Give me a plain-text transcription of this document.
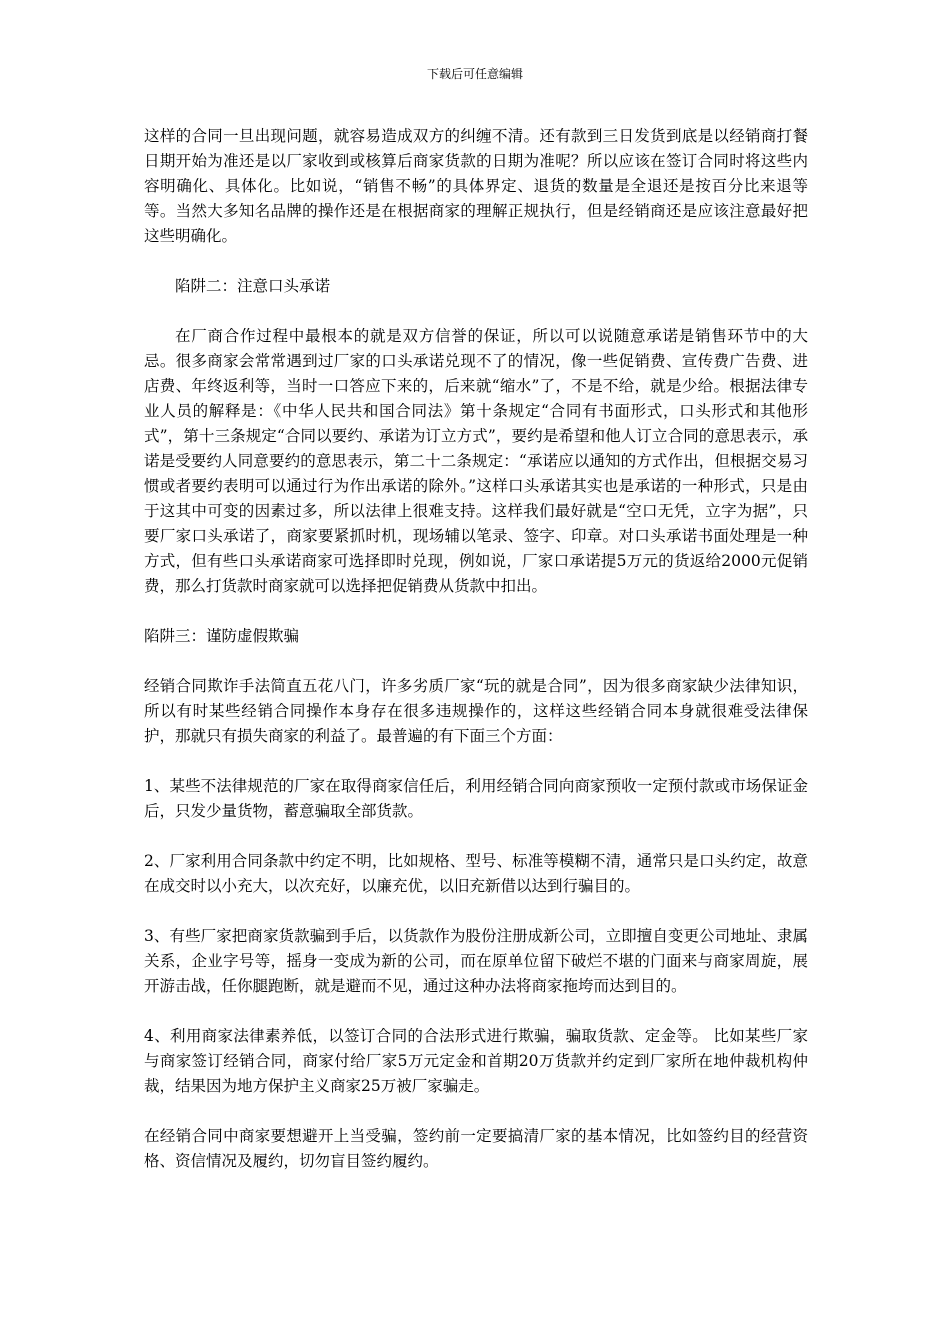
下载后可任意编辑

这样的合同一旦出现问题，就容易造成双方的纠缠不清。还有款到三日发货到底是以经销商打餐日期开始为准还是以厂家收到或核算后商家货款的日期为准呢？所以应该在签订合同时将这些内容明确化、具体化。比如说，“销售不畅”的具体界定、退货的数量是全退还是按百分比来退等等。当然大多知名品牌的操作还是在根据商家的理解正规执行，但是经销商还是应该注意最好把这些明确化。

陷阱二：注意口头承诺

在厂商合作过程中最根本的就是双方信誉的保证，所以可以说随意承诺是销售环节中的大忌。很多商家会常常遇到过厂家的口头承诺兑现不了的情况，像一些促销费、宣传费广告费、进店费、年终返利等，当时一口答应下来的，后来就“缩水”了，不是不给，就是少给。根据法律专业人员的解释是：《中华人民共和国合同法》第十条规定“合同有书面形式，口头形式和其他形式”，第十三条规定“合同以要约、承诺为订立方式”，要约是希望和他人订立合同的意思表示，承诺是受要约人同意要约的意思表示，第二十二条规定：“承诺应以通知的方式作出，但根据交易习惯或者要约表明可以通过行为作出承诺的除外。”这样口头承诺其实也是承诺的一种形式，只是由于这其中可变的因素过多，所以法律上很难支持。这样我们最好就是“空口无凭，立字为据”，只要厂家口头承诺了，商家要紧抓时机，现场辅以笔录、签字、印章。对口头承诺书面处理是一种方式，但有些口头承诺商家可选择即时兑现，例如说，厂家口承诺提5万元的货返给2000元促销费，那么打货款时商家就可以选择把促销费从货款中扣出。

陷阱三：谨防虚假欺骗

经销合同欺诈手法简直五花八门，许多劣质厂家“玩的就是合同”，因为很多商家缺少法律知识，所以有时某些经销合同操作本身存在很多违规操作的，这样这些经销合同本身就很难受法律保护，那就只有损失商家的利益了。最普遍的有下面三个方面：

1、某些不法律规范的厂家在取得商家信任后，利用经销合同向商家预收一定预付款或市场保证金后，只发少量货物，蓄意骗取全部货款。

2、厂家利用合同条款中约定不明，比如规格、型号、标准等模糊不清，通常只是口头约定，故意在成交时以小充大，以次充好，以廉充优，以旧充新借以达到行骗目的。

3、有些厂家把商家货款骗到手后，以货款作为股份注册成新公司，立即擅自变更公司地址、隶属关系，企业字号等，摇身一变成为新的公司，而在原单位留下破烂不堪的门面来与商家周旋，展开游击战，任你腿跑断，就是避而不见，通过这种办法将商家拖垮而达到目的。

4、利用商家法律素养低，以签订合同的合法形式进行欺骗，骗取货款、定金等。 比如某些厂家与商家签订经销合同，商家付给厂家5万元定金和首期20万货款并约定到厂家所在地仲裁机构仲裁，结果因为地方保护主义商家25万被厂家骗走。

在经销合同中商家要想避开上当受骗，签约前一定要搞清厂家的基本情况，比如签约目的经营资格、资信情况及履约，切勿盲目签约履约。
